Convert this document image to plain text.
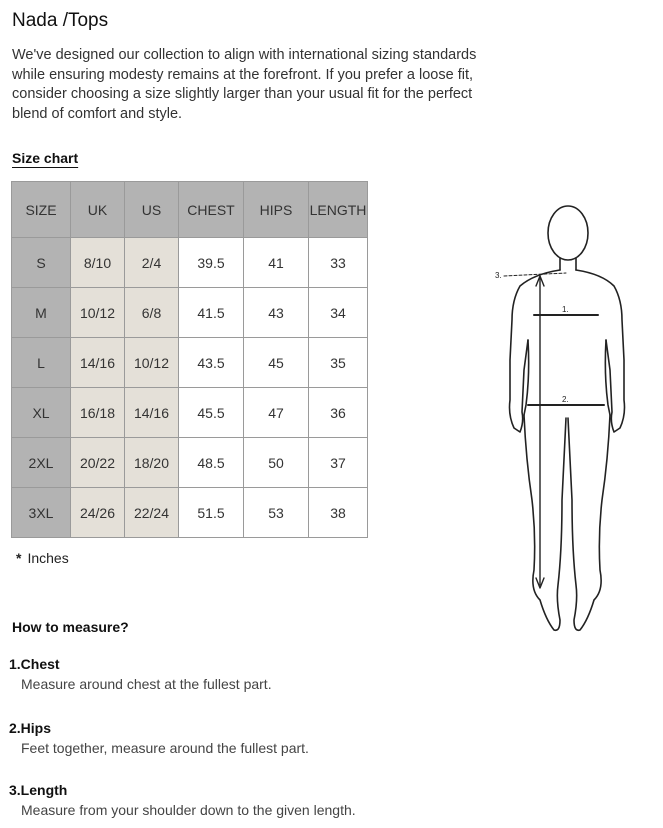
Nada /Tops
We've designed our collection to align with international sizing standards while ensuring modesty remains at the forefront. If you prefer a loose fit, consider choosing a size slightly larger than your usual fit for the perfect blend of comfort and style.
Size chart
SIZE	UK	US	CHEST	HIPS	LENGTH
S	8/10	2/4	39.5	41	33
M	10/12	6/8	41.5	43	34
L	14/16	10/12	43.5	45	35
XL	16/18	14/16	45.5	47	36
2XL	20/22	18/20	48.5	50	37
3XL	24/26	22/24	51.5	53	38
* Inches
How to measure?
1.Chest
Measure around chest at the fullest part.
2.Hips
Feet together, measure around the fullest part.
3.Length
Measure from your shoulder down to the given length.
1.
2.
3.
